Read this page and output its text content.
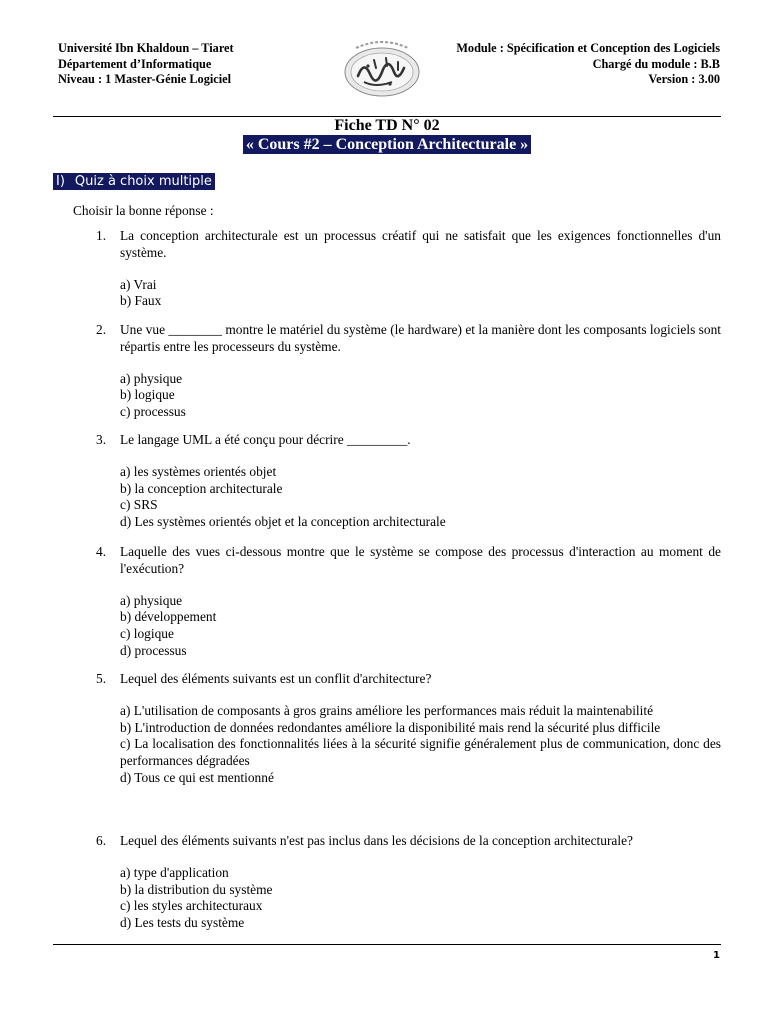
Université Ibn Khaldoun – Tiaret
Département d’Informatique
Niveau : 1 Master-Génie Logiciel
Module : Spécification et Conception des Logiciels
Chargé du module : B.B
Version : 3.00
Fiche TD N° 02
« Cours #2 – Conception Architecturale »
I) Quiz à choix multiple
Choisir la bonne réponse :
1.	La conception architecturale est un processus créatif qui ne satisfait que les exigences fonctionnelles d'un système.
a) Vrai
b) Faux
2.	Une vue ________ montre le matériel du système (le hardware) et la manière dont les composants logiciels sont répartis entre les processeurs du système.
a) physique
b) logique
c) processus
3.	Le langage UML a été conçu pour décrire _________.
a) les systèmes orientés objet
b) la conception architecturale
c) SRS
d) Les systèmes orientés objet et la conception architecturale
4.	Laquelle des vues ci-dessous montre que le système se compose des processus d'interaction au moment de l'exécution?
a) physique
b) développement
c) logique
d) processus
5.	Lequel des éléments suivants est un conflit d'architecture?
a) L'utilisation de composants à gros grains améliore les performances mais réduit la maintenabilité
b) L'introduction de données redondantes améliore la disponibilité mais rend la sécurité plus difficile
c) La localisation des fonctionnalités liées à la sécurité signifie généralement plus de communication, donc des performances dégradées
d) Tous ce qui est mentionné
6.	Lequel des éléments suivants n'est pas inclus dans les décisions de la conception architecturale?
a) type d'application
b) la distribution du système
c) les styles architecturaux
d) Les tests du système
1
